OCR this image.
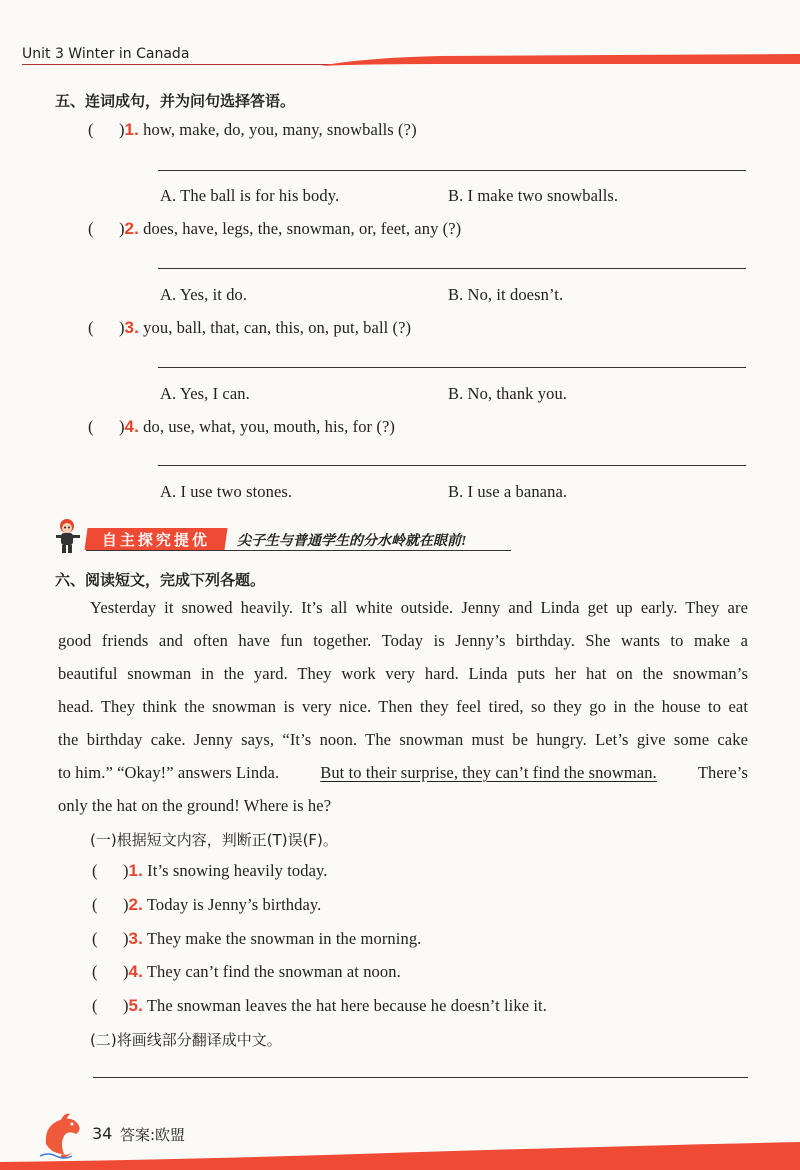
Unit 3 Winter in Canada
五、连词成句，并为问句选择答语。
(      )1. how, make, do, you, many, snowballs (?)
A. The ball is for his body.	B. I make two snowballs.
(      )2. does, have, legs, the, snowman, or, feet, any (?)
A. Yes, it do.	B. No, it doesn’t.
(      )3. you, ball, that, can, this, on, put, ball (?)
A. Yes, I can.	B. No, thank you.
(      )4. do, use, what, you, mouth, his, for (?)
A. I use two stones.	B. I use a banana.
自主探究提优 尖子生与普通学生的分水岭就在眼前!
六、阅读短文，完成下列各题。
Yesterday it snowed heavily. It’s all white outside. Jenny and Linda get up early. They are
good friends and often have fun together. Today is Jenny’s birthday. She wants to make a
beautiful snowman in the yard. They work very hard. Linda puts her hat on the snowman’s
head. They think the snowman is very nice. Then they feel tired, so they go in the house to eat
the birthday cake. Jenny says, “It’s noon. The snowman must be hungry. Let’s give some cake
to him.” “Okay!” answers Linda. But to their surprise, they can’t find the snowman. There’s
only the hat on the ground! Where is he?
(一)根据短文内容，判断正(T)误(F)。
(      )1. It’s snowing heavily today.
(      )2. Today is Jenny’s birthday.
(      )3. They make the snowman in the morning.
(      )4. They can’t find the snowman at noon.
(      )5. The snowman leaves the hat here because he doesn’t like it.
(二)将画线部分翻译成中文。
34 答案:欧盟
